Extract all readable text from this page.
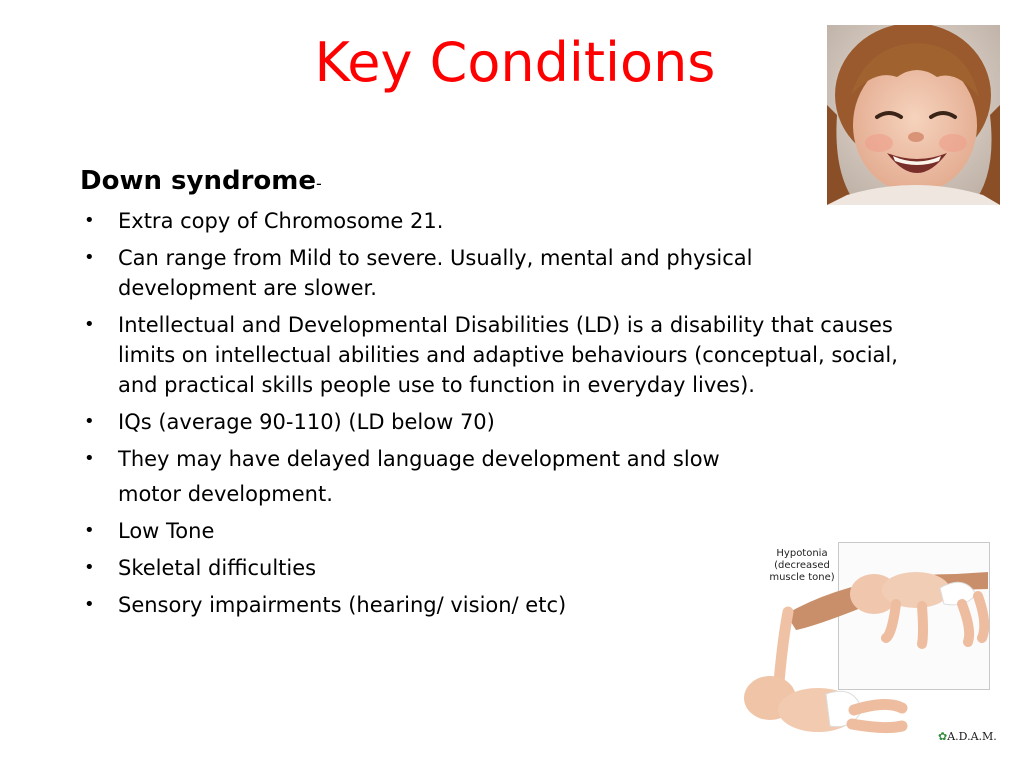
Key Conditions
Down syndrome-
• Extra copy of Chromosome 21.
• Can range from Mild to severe. Usually, mental and physical development are slower.
• Intellectual and Developmental Disabilities (LD) is a disability that causes limits on intellectual abilities and adaptive behaviours (conceptual, social, and practical skills people use to function in everyday lives).
• IQs (average 90-110) (LD below 70)
• They may have delayed language development and slow
motor development.
• Low Tone
• Skeletal difficulties
• Sensory impairments (hearing/ vision/ etc)
Hypotonia
(decreased
muscle tone)
✿A.D.A.M.
